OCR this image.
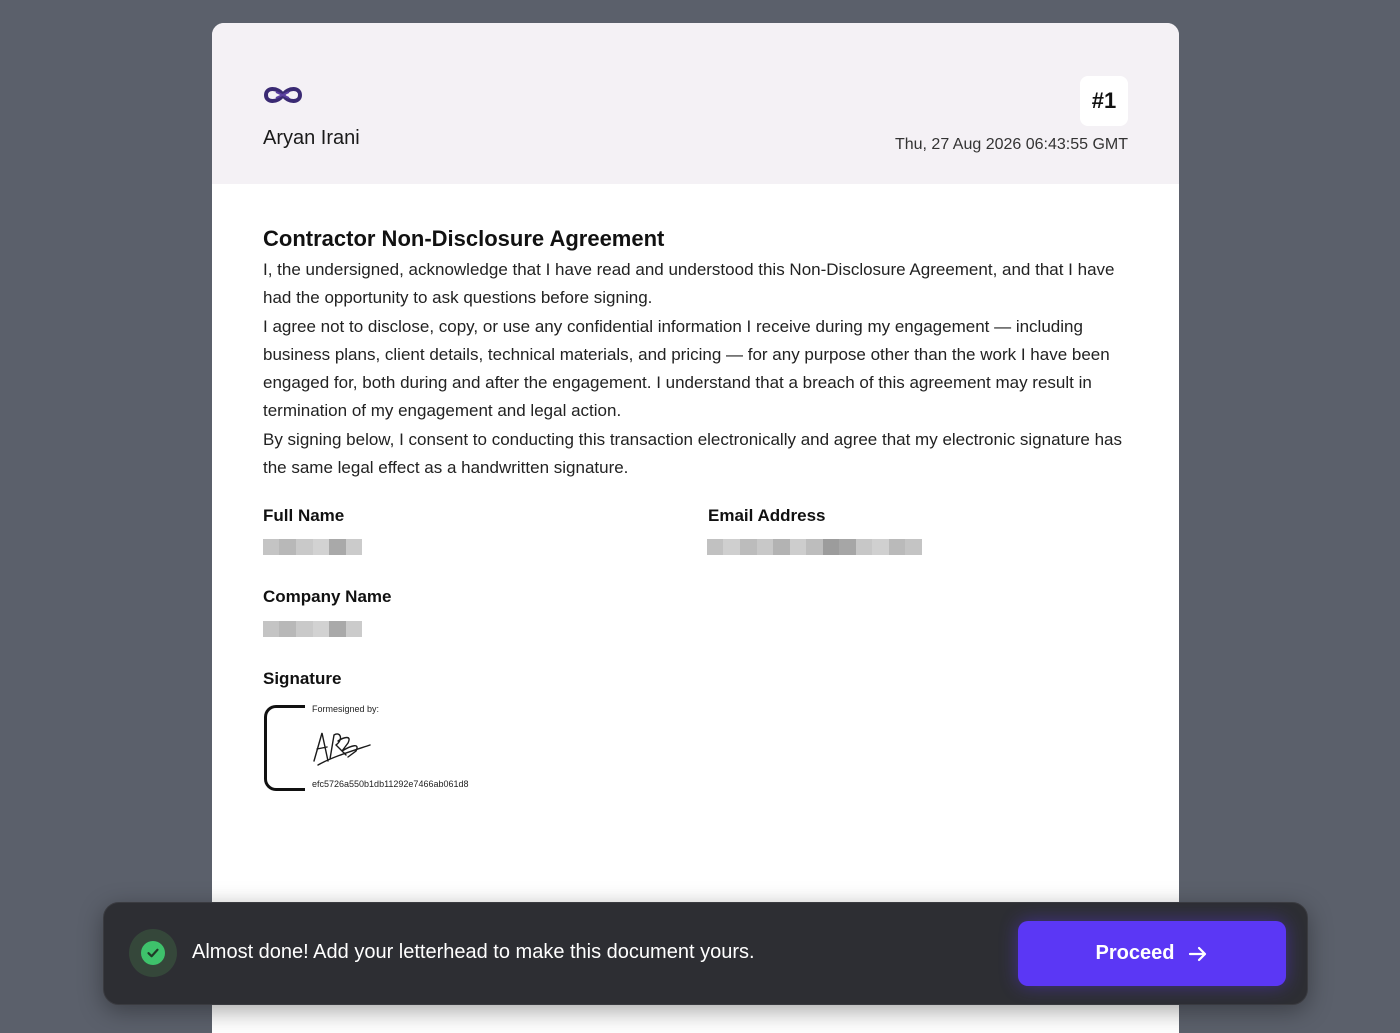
Aryan Irani
#1
Thu, 27 Aug 2026 06:43:55 GMT
Contractor Non-Disclosure Agreement

I, the undersigned, acknowledge that I have read and understood this Non-Disclosure Agreement, and that I have had the opportunity to ask questions before signing.

I agree not to disclose, copy, or use any confidential information I receive during my engagement — including business plans, client details, technical materials, and pricing — for any purpose other than the work I have been engaged for, both during and after the engagement. I understand that a breach of this agreement may result in termination of my engagement and legal action.

By signing below, I consent to conducting this transaction electronically and agree that my electronic signature has the same legal effect as a handwritten signature.

Full Name	Email Address
Company Name
Signature
Formesigned by:
efc5726a550b1db11292e7466ab061d8
Almost done! Add your letterhead to make this document yours.	Proceed
